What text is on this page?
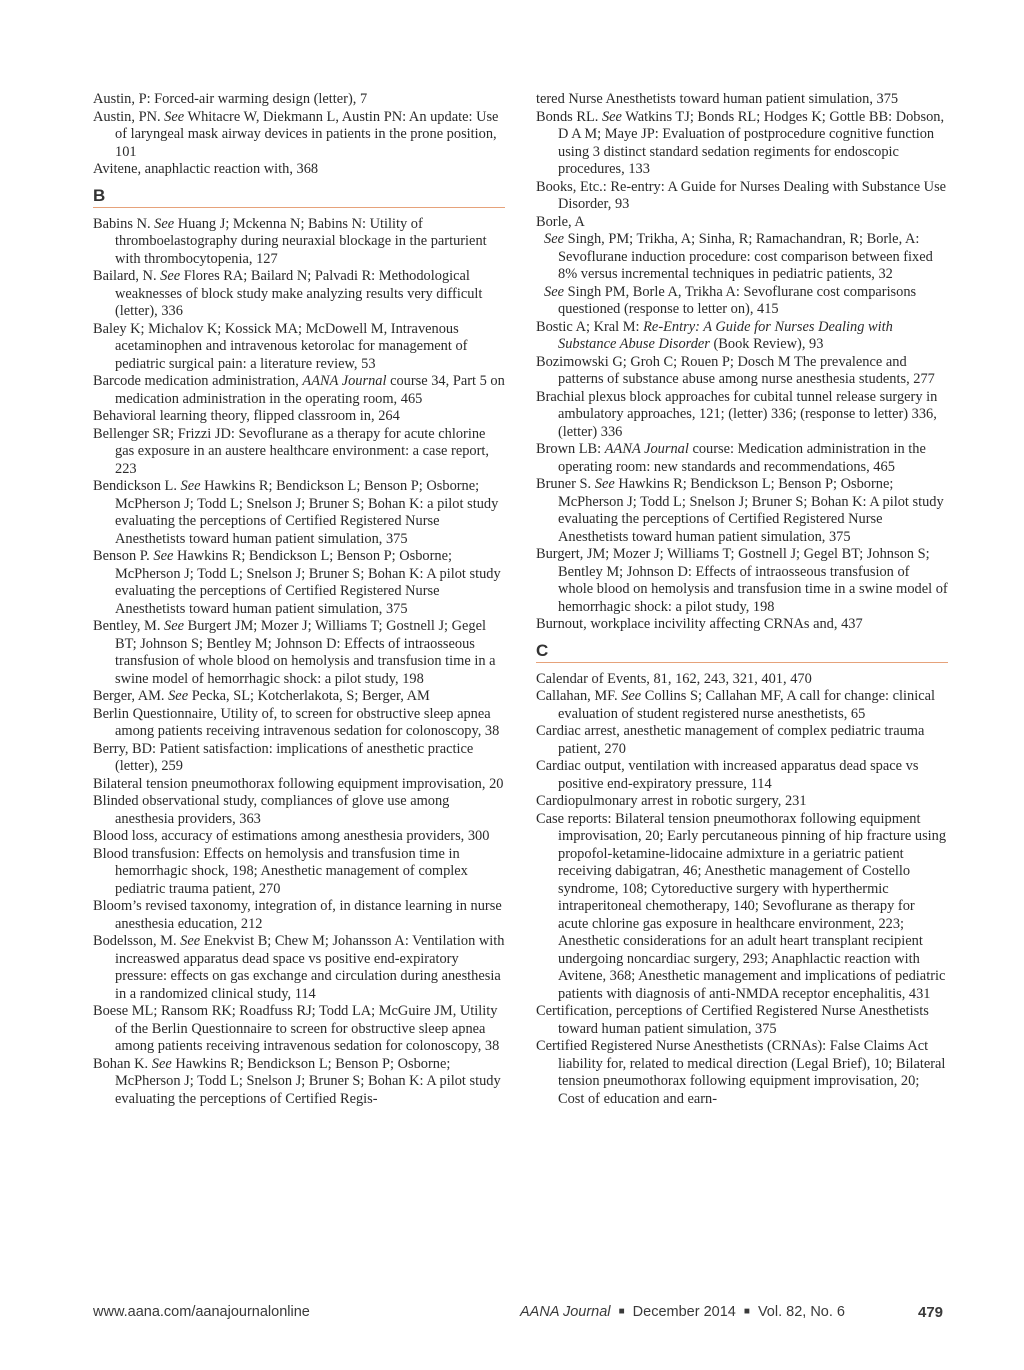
Austin, P: Forced-air warming design (letter), 7

Austin, PN. See Whitacre W, Diekmann L, Austin PN: An update: Use of laryngeal mask airway devices in patients in the prone position, 101

Avitene, anaphlactic reaction with, 368

B

Babins N. See Huang J; Mckenna N; Babins N: Utility of thromboelastography during neuraxial blockage in the parturient with thrombocytopenia, 127

Bailard, N. See Flores RA; Bailard N; Palvadi R: Methodological weaknesses of block study make analyzing results very difficult (letter), 336

Baley K; Michalov K; Kossick MA; McDowell M, Intravenous acetaminophen and intravenous ketorolac for management of pediatric surgical pain: a literature review, 53

Barcode medication administration, AANA Journal course 34, Part 5 on medication administration in the operating room, 465

Behavioral learning theory, flipped classroom in, 264

Bellenger SR; Frizzi JD: Sevoflurane as a therapy for acute chlorine gas exposure in an austere healthcare environment: a case report, 223

Bendickson L. See Hawkins R; Bendickson L; Benson P; Osborne; McPherson J; Todd L; Snelson J; Bruner S; Bohan K: a pilot study evaluating the perceptions of Certified Registered Nurse Anesthetists toward human patient simulation, 375

Benson P. See Hawkins R; Bendickson L; Benson P; Osborne; McPherson J; Todd L; Snelson J; Bruner S; Bohan K: A pilot study evaluating the perceptions of Certified Registered Nurse Anesthetists toward human patient simulation, 375

Bentley, M. See Burgert JM; Mozer J; Williams T; Gostnell J; Gegel BT; Johnson S; Bentley M; Johnson D: Effects of intraosseous transfusion of whole blood on hemolysis and transfusion time in a swine model of hemorrhagic shock: a pilot study, 198

Berger, AM. See Pecka, SL; Kotcherlakota, S; Berger, AM

Berlin Questionnaire, Utility of, to screen for obstructive sleep apnea among patients receiving intravenous sedation for colonoscopy, 38

Berry, BD: Patient satisfaction: implications of anesthetic practice (letter), 259

Bilateral tension pneumothorax following equipment improvisation, 20

Blinded observational study, compliances of glove use among anesthesia providers, 363

Blood loss, accuracy of estimations among anesthesia providers, 300

Blood transfusion: Effects on hemolysis and transfusion time in hemorrhagic shock, 198; Anesthetic management of complex pediatric trauma patient, 270

Bloom’s revised taxonomy, integration of, in distance learning in nurse anesthesia education, 212

Bodelsson, M. See Enekvist B; Chew M; Johansson A: Ventilation with increaswed apparatus dead space vs positive end-expiratory pressure: effects on gas exchange and circulation during anesthesia in a randomized clinical study, 114

Boese ML; Ransom RK; Roadfuss RJ; Todd LA; McGuire JM, Utility of the Berlin Questionnaire to screen for obstructive sleep apnea among patients receiving intravenous sedation for colonoscopy, 38

Bohan K. See Hawkins R; Bendickson L; Benson P; Osborne; McPherson J; Todd L; Snelson J; Bruner S; Bohan K: A pilot study evaluating the perceptions of Certified Regis-

tered Nurse Anesthetists toward human patient simulation, 375

Bonds RL. See Watkins TJ; Bonds RL; Hodges K; Gottle BB: Dobson, D A M; Maye JP: Evaluation of postprocedure cognitive function using 3 distinct standard sedation regiments for endoscopic procedures, 133

Books, Etc.: Re-entry: A Guide for Nurses Dealing with Substance Use Disorder, 93

Borle, A

See Singh, PM; Trikha, A; Sinha, R; Ramachandran, R; Borle, A: Sevoflurane induction procedure: cost comparison between fixed 8% versus incremental techniques in pediatric patients, 32

See Singh PM, Borle A, Trikha A: Sevoflurane cost comparisons questioned (response to letter on), 415

Bostic A; Kral M: Re-Entry: A Guide for Nurses Dealing with Substance Abuse Disorder (Book Review), 93

Bozimowski G; Groh C; Rouen P; Dosch M The prevalence and patterns of substance abuse among nurse anesthesia students, 277

Brachial plexus block approaches for cubital tunnel release surgery in ambulatory approaches, 121; (letter) 336; (response to letter) 336, (letter) 336

Brown LB: AANA Journal course: Medication administration in the operating room: new standards and recommendations, 465

Bruner S. See Hawkins R; Bendickson L; Benson P; Osborne; McPherson J; Todd L; Snelson J; Bruner S; Bohan K: A pilot study evaluating the perceptions of Certified Registered Nurse Anesthetists toward human patient simulation, 375

Burgert, JM; Mozer J; Williams T; Gostnell J; Gegel BT; Johnson S; Bentley M; Johnson D: Effects of intraosseous transfusion of whole blood on hemolysis and transfusion time in a swine model of hemorrhagic shock: a pilot study, 198

Burnout, workplace incivility affecting CRNAs and, 437

C

Calendar of Events, 81, 162, 243, 321, 401, 470

Callahan, MF. See Collins S; Callahan MF, A call for change: clinical evaluation of student registered nurse anesthetists, 65

Cardiac arrest, anesthetic management of complex pediatric trauma patient, 270

Cardiac output, ventilation with increased apparatus dead space vs positive end-expiratory pressure, 114

Cardiopulmonary arrest in robotic surgery, 231

Case reports: Bilateral tension pneumothorax following equipment improvisation, 20; Early percutaneous pinning of hip fracture using propofol-ketamine-lidocaine admixture in a geriatric patient receiving dabigatran, 46; Anesthetic management of Costello syndrome, 108; Cytoreductive surgery with hyperthermic intraperitoneal chemotherapy, 140; Sevoflurane as therapy for acute chlorine gas exposure in healthcare environment, 223; Anesthetic considerations for an adult heart transplant recipient undergoing noncardiac surgery, 293; Anaphlactic reaction with Avitene, 368; Anesthetic management and implications of pediatric patients with diagnosis of anti-NMDA receptor encephalitis, 431

Certification, perceptions of Certified Registered Nurse Anesthetists toward human patient simulation, 375

Certified Registered Nurse Anesthetists (CRNAs): False Claims Act liability for, related to medical direction (Legal Brief), 10; Bilateral tension pneumothorax following equipment improvisation, 20; Cost of education and earn-

www.aana.com/aanajournalonline	AANA Journal ■ December 2014 ■ Vol. 82, No. 6	479
